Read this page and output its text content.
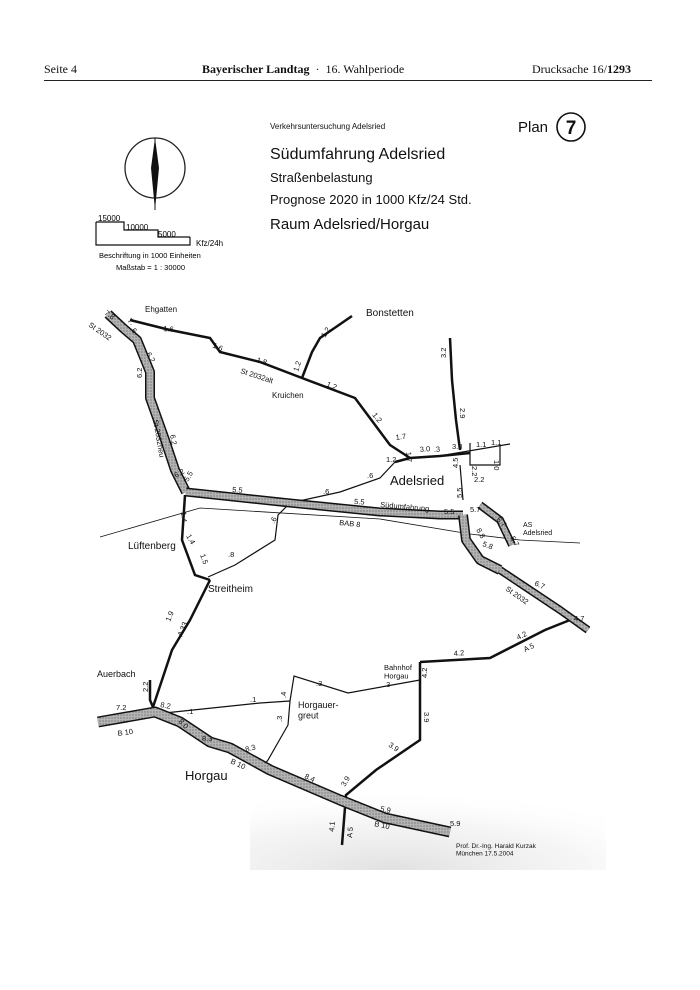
Seite 4	Bayerischer Landtag · 16. Wahlperiode	Drucksache 16/1293
15000
10000
5000
Kfz/24h
Beschriftung in 1000 Einheiten
Maßstab = 1 : 30000
Verkehrsuntersuchung Adelsried
Südumfahrung Adelsried
Straßenbelastung
Prognose 2020 in 1000 Kfz/24 Std.
Raum Adelsried/Horgau
Plan 7
Ehgatten	Bonstetten
Kruichen
Adelsried
AS Adelsried
Lüftenberg
Streitheim
Auerbach
Bahnhof Horgau
Horgauer-greut
Horgau
St 2032
St 2032alt
St 2032neu
Südumfahrung
BAB 8
St 2032
A 5
A 33
B 10
B 10
B 10
A 5
7.8 7.
6.	1.6
1.6
1.8
1.2
1.2
1.2
1.2
1.2
6.2
6.2
6.2
6.2
5.5
5.5
5.5
5.5
5.5
.6
.6
.6
.8
1.7
1.7
3.0 .3 3.8 1.1 1.1
1.0
2.2
2.2
4.5
2.9
3.2
5.7
5.7
6.7
8.8
5.8
6.7
4.7
4.2
4.2
4.2
1.4
1.4
1.5
1.9
7.2	8.2
2.2
8.0
8.3
8.3
8.4
.1
.1
.4
.3	.3
.3	3.9
3.9
3.9
5.9
5.9
4.1
Prof. Dr.-Ing. Harald Kurzak München 17.5.2004
